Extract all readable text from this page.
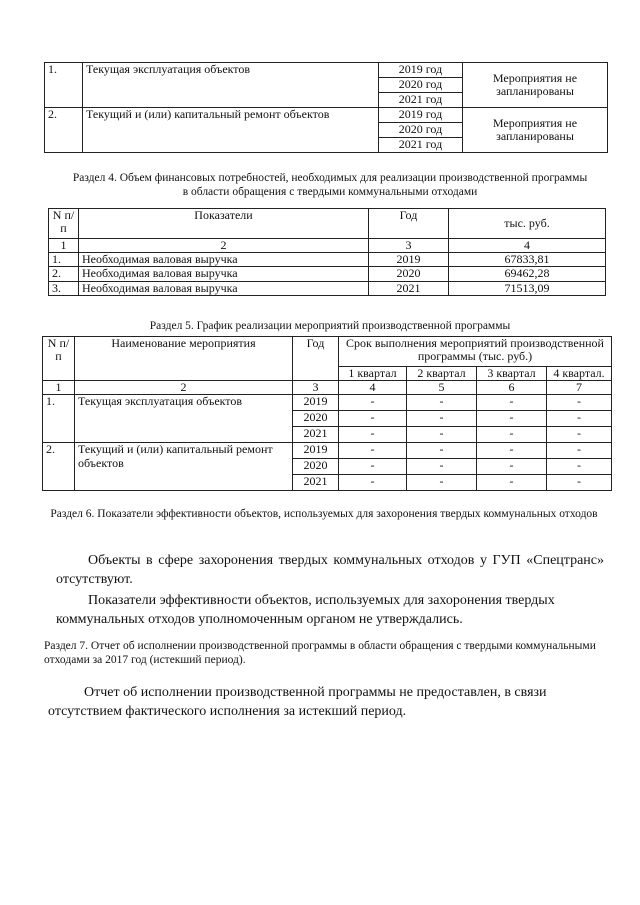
1.	Текущая эксплуатация объектов	2019 год	Мероприятия не запланированы
		2020 год	
		2021 год	
2.	Текущий и (или) капитальный ремонт объектов	2019 год	Мероприятия не запланированы
		2020 год	
		2021 год	
Раздел 4. Объем финансовых потребностей, необходимых для реализации производственной программы в области обращения с твердыми коммунальными отходами
N п/п	Показатели	Год	тыс. руб.
1	2	3	4
1.	Необходимая валовая выручка	2019	67833,81
2.	Необходимая валовая выручка	2020	69462,28
3.	Необходимая валовая выручка	2021	71513,09
Раздел 5. График реализации мероприятий производственной программы
N п/п	Наименование мероприятия	Год	Срок выполнения мероприятий производственной программы (тыс. руб.)			
			1 квартал	2 квартал	3 квартал	4 квартал.
1	2	3	4	5	6	7
1.	Текущая эксплуатация объектов	2019	-	-	-	-
		2020	-	-	-	-
		2021	-	-	-	-
2.	Текущий и (или) капитальный ремонт объектов	2019	-	-	-	-
		2020	-	-	-	-
		2021	-	-	-	-
Раздел 6. Показатели эффективности объектов, используемых для захоронения твердых коммунальных отходов
Объекты в сфере захоронения твердых коммунальных отходов у ГУП «Спецтранс» отсутствуют.
Показатели эффективности объектов, используемых для захоронения твердых коммунальных отходов уполномоченным органом не утверждались.
Раздел 7. Отчет об исполнении производственной программы в области обращения с твердыми коммунальными отходами за 2017 год (истекший период).
Отчет об исполнении производственной программы не предоставлен, в связи отсутствием фактического исполнения за истекший период.
